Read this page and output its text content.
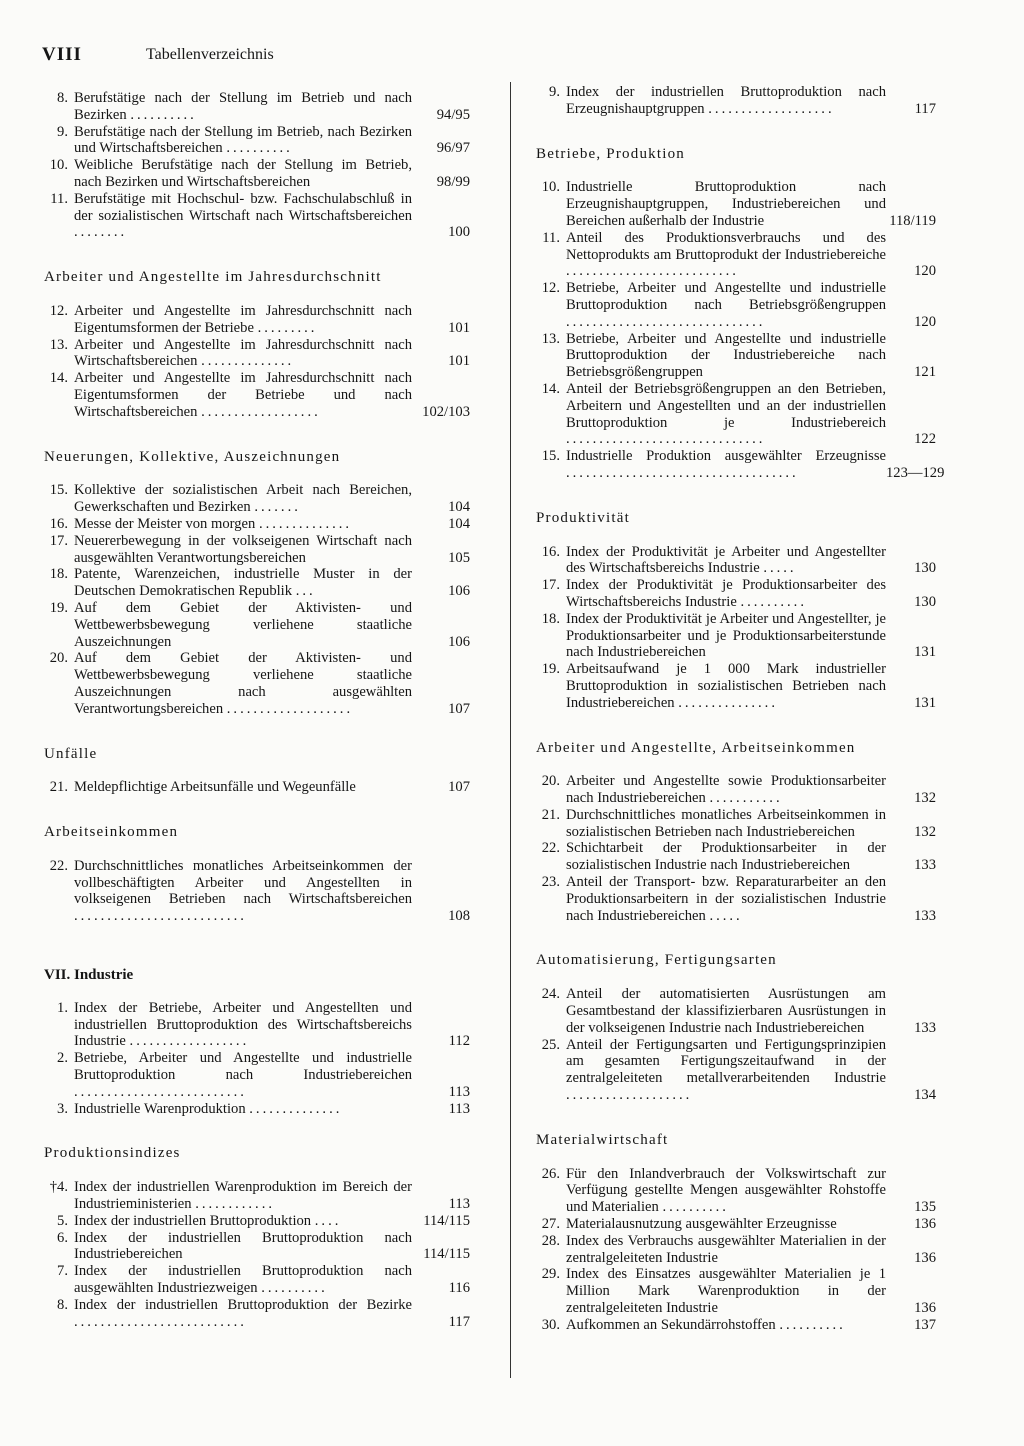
VIII	Tabellenverzeichnis
8. Berufstätige nach der Stellung im Betrieb und nach Bezirken ..........	94/95
9. Berufstätige nach der Stellung im Betrieb, nach Bezirken und Wirtschaftsbereichen ..........	96/97
10. Weibliche Berufstätige nach der Stellung im Betrieb, nach Bezirken und Wirtschaftsbereichen	98/99
11. Berufstätige mit Hochschul- bzw. Fachschulabschluß in der sozialistischen Wirtschaft nach Wirtschaftsbereichen ........	100
Arbeiter und Angestellte im Jahresdurchschnitt
12. Arbeiter und Angestellte im Jahresdurchschnitt nach Eigentumsformen der Betriebe .........	101
13. Arbeiter und Angestellte im Jahresdurchschnitt nach Wirtschaftsbereichen ..............	101
14. Arbeiter und Angestellte im Jahresdurchschnitt nach Eigentumsformen der Betriebe und nach Wirtschaftsbereichen ..................	102/103
Neuerungen, Kollektive, Auszeichnungen
15. Kollektive der sozialistischen Arbeit nach Bereichen, Gewerkschaften und Bezirken .......	104
16. Messe der Meister von morgen ..............	104
17. Neuererbewegung in der volkseigenen Wirtschaft nach ausgewählten Verantwortungsbereichen	105
18. Patente, Warenzeichen, industrielle Muster in der Deutschen Demokratischen Republik ...	106
19. Auf dem Gebiet der Aktivisten- und Wettbewerbsbewegung verliehene staatliche Auszeichnungen	106
20. Auf dem Gebiet der Aktivisten- und Wettbewerbsbewegung verliehene staatliche Auszeichnungen nach ausgewählten Verantwortungsbereichen ...................	107
Unfälle
21. Meldepflichtige Arbeitsunfälle und Wegeunfälle	107
Arbeitseinkommen
22. Durchschnittliches monatliches Arbeitseinkommen der vollbeschäftigten Arbeiter und Angestellten in volkseigenen Betrieben nach Wirtschaftsbereichen ..........................	108
VII. Industrie
1. Index der Betriebe, Arbeiter und Angestellten und industriellen Bruttoproduktion des Wirtschaftsbereichs Industrie ..................	112
2. Betriebe, Arbeiter und Angestellte und industrielle Bruttoproduktion nach Industriebereichen ..........................	113
3. Industrielle Warenproduktion ..............	113
Produktionsindizes
†4. Index der industriellen Warenproduktion im Bereich der Industrieministerien ............	113
5. Index der industriellen Bruttoproduktion ....	114/115
6. Index der industriellen Bruttoproduktion nach Industriebereichen	114/115
7. Index der industriellen Bruttoproduktion nach ausgewählten Industriezweigen ..........	116
8. Index der industriellen Bruttoproduktion der Bezirke ..........................	117
9. Index der industriellen Bruttoproduktion nach Erzeugnishauptgruppen ...................	117
Betriebe, Produktion
10. Industrielle Bruttoproduktion nach Erzeugnishauptgruppen, Industriebereichen und Bereichen außerhalb der Industrie	118/119
11. Anteil des Produktionsverbrauchs und des Nettoprodukts am Bruttoprodukt der Industriebereiche ..........................	120
12. Betriebe, Arbeiter und Angestellte und industrielle Bruttoproduktion nach Betriebsgrößengruppen ..............................	120
13. Betriebe, Arbeiter und Angestellte und industrielle Bruttoproduktion der Industriebereiche nach Betriebsgrößengruppen	121
14. Anteil der Betriebsgrößengruppen an den Betrieben, Arbeitern und Angestellten und an der industriellen Bruttoproduktion je Industriebereich ..............................	122
15. Industrielle Produktion ausgewählter Erzeugnisse ...................................	123—129
Produktivität
16. Index der Produktivität je Arbeiter und Angestellter des Wirtschaftsbereichs Industrie .....	130
17. Index der Produktivität je Produktionsarbeiter des Wirtschaftsbereichs Industrie ..........	130
18. Index der Produktivität je Arbeiter und Angestellter, je Produktionsarbeiter und je Produktionsarbeiterstunde nach Industriebereichen	131
19. Arbeitsaufwand je 1 000 Mark industrieller Bruttoproduktion in sozialistischen Betrieben nach Industriebereichen ...............	131
Arbeiter und Angestellte, Arbeitseinkommen
20. Arbeiter und Angestellte sowie Produktionsarbeiter nach Industriebereichen ...........	132
21. Durchschnittliches monatliches Arbeitseinkommen in sozialistischen Betrieben nach Industriebereichen	132
22. Schichtarbeit der Produktionsarbeiter in der sozialistischen Industrie nach Industriebereichen	133
23. Anteil der Transport- bzw. Reparaturarbeiter an den Produktionsarbeitern in der sozialistischen Industrie nach Industriebereichen .....	133
Automatisierung, Fertigungsarten
24. Anteil der automatisierten Ausrüstungen am Gesamtbestand der klassifizierbaren Ausrüstungen in der volkseigenen Industrie nach Industriebereichen	133
25. Anteil der Fertigungsarten und Fertigungsprinzipien am gesamten Fertigungszeitaufwand in der zentralgeleiteten metallverarbeitenden Industrie ...................	134
Materialwirtschaft
26. Für den Inlandverbrauch der Volkswirtschaft zur Verfügung gestellte Mengen ausgewählter Rohstoffe und Materialien ..........	135
27. Materialausnutzung ausgewählter Erzeugnisse	136
28. Index des Verbrauchs ausgewählter Materialien in der zentralgeleiteten Industrie	136
29. Index des Einsatzes ausgewählter Materialien je 1 Million Mark Warenproduktion in der zentralgeleiteten Industrie	136
30. Aufkommen an Sekundärrohstoffen ..........	137
